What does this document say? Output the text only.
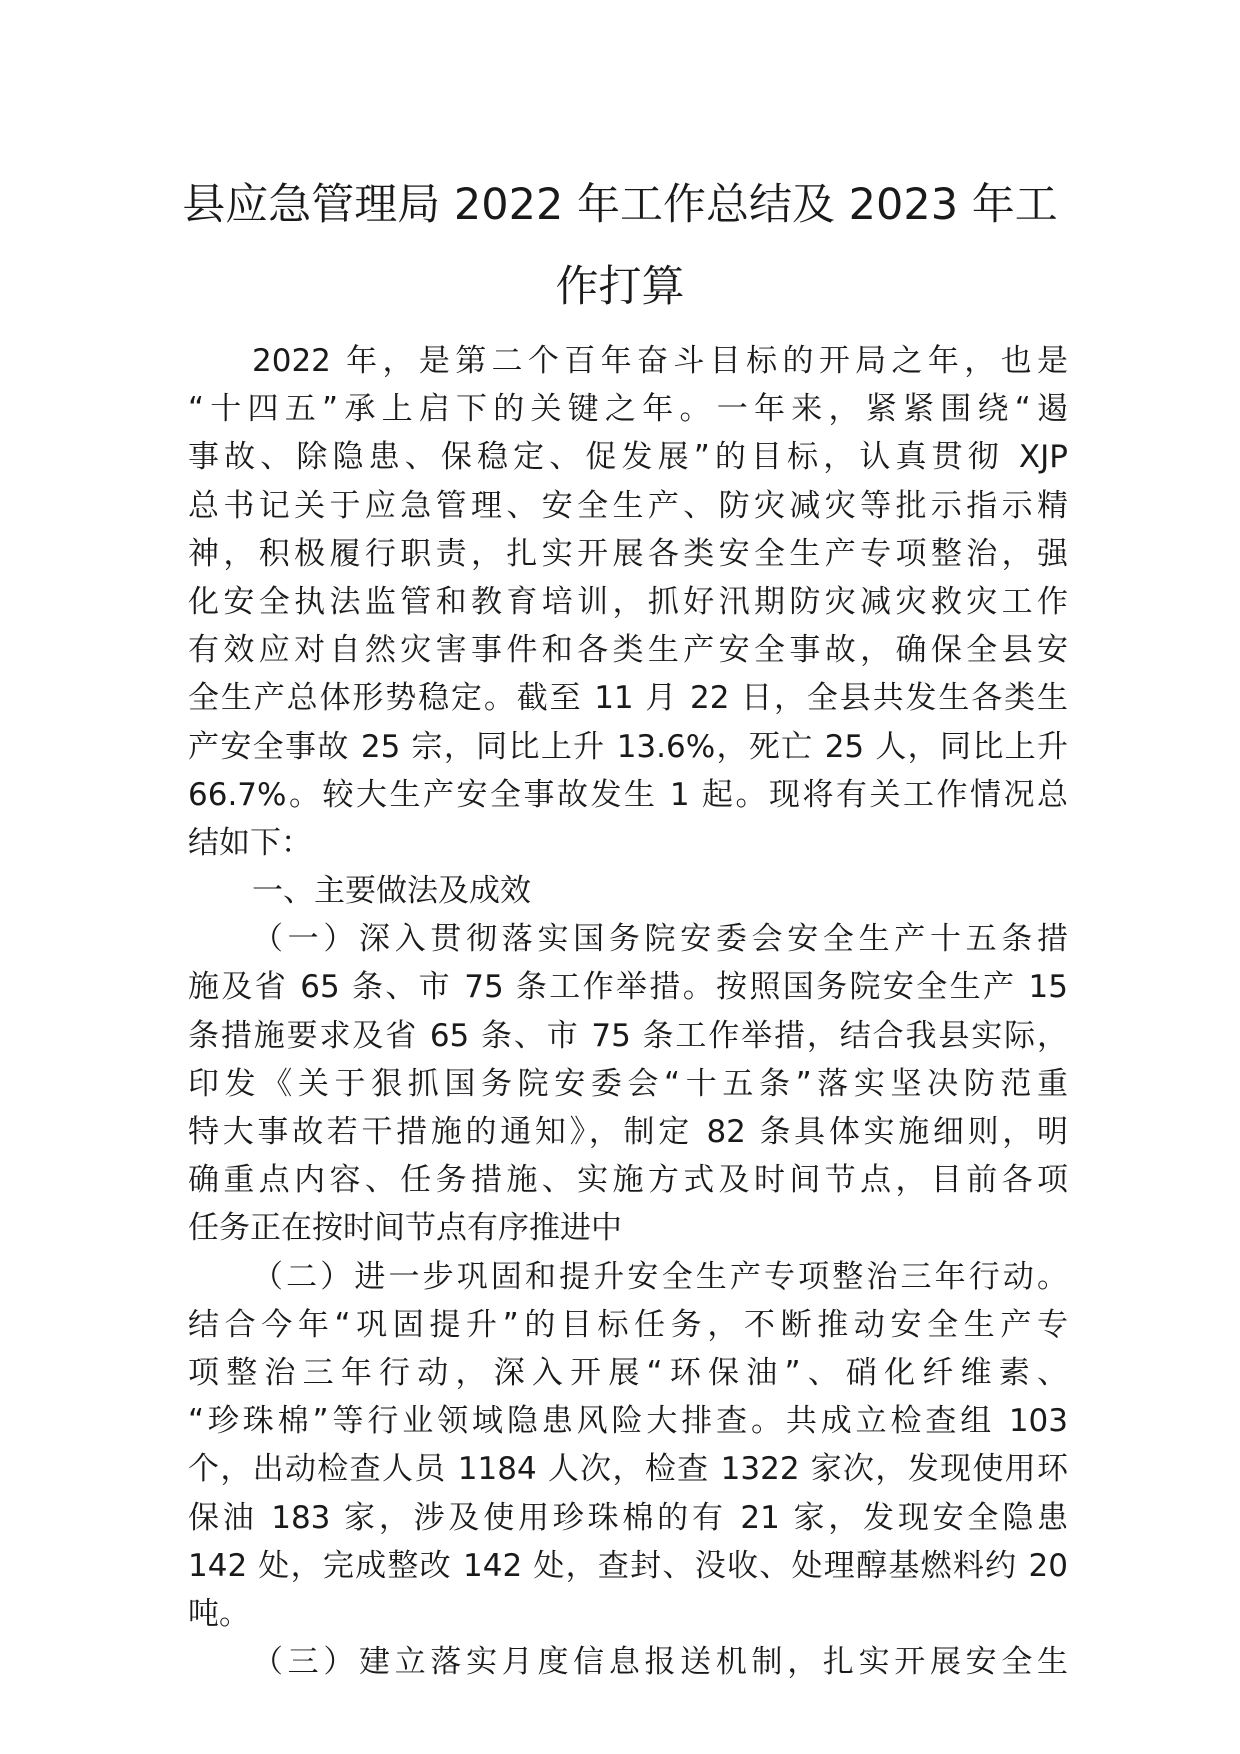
县应急管理局 2022 年工作总结及 2023 年工
作打算
2022 年，是第二个百年奋斗目标的开局之年，也是
“十四五”承上启下的关键之年。一年来，紧紧围绕“遏
事故、除隐患、保稳定、促发展”的目标，认真贯彻 XJP
总书记关于应急管理、安全生产、防灾减灾等批示指示精
神，积极履行职责，扎实开展各类安全生产专项整治，强
化安全执法监管和教育培训，抓好汛期防灾减灾救灾工作
有效应对自然灾害事件和各类生产安全事故，确保全县安
全生产总体形势稳定。截至 11 月 22 日，全县共发生各类生
产安全事故 25 宗，同比上升 13.6%，死亡 25 人，同比上升
66.7%。较大生产安全事故发生 1 起。现将有关工作情况总
结如下：
一、主要做法及成效
（一）深入贯彻落实国务院安委会安全生产十五条措
施及省 65 条、市 75 条工作举措。按照国务院安全生产 15
条措施要求及省 65 条、市 75 条工作举措，结合我县实际，
印发《关于狠抓国务院安委会“十五条”落实坚决防范重
特大事故若干措施的通知》，制定 82 条具体实施细则，明
确重点内容、任务措施、实施方式及时间节点，目前各项
任务正在按时间节点有序推进中
（二）进一步巩固和提升安全生产专项整治三年行动。
结合今年“巩固提升”的目标任务，不断推动安全生产专
项整治三年行动，深入开展“环保油”、硝化纤维素、
“珍珠棉”等行业领域隐患风险大排查。共成立检查组 103
个，出动检查人员 1184 人次，检查 1322 家次，发现使用环
保油 183 家，涉及使用珍珠棉的有 21 家，发现安全隐患
142 处，完成整改 142 处，查封、没收、处理醇基燃料约 20
吨。
（三）建立落实月度信息报送机制，扎实开展安全生
